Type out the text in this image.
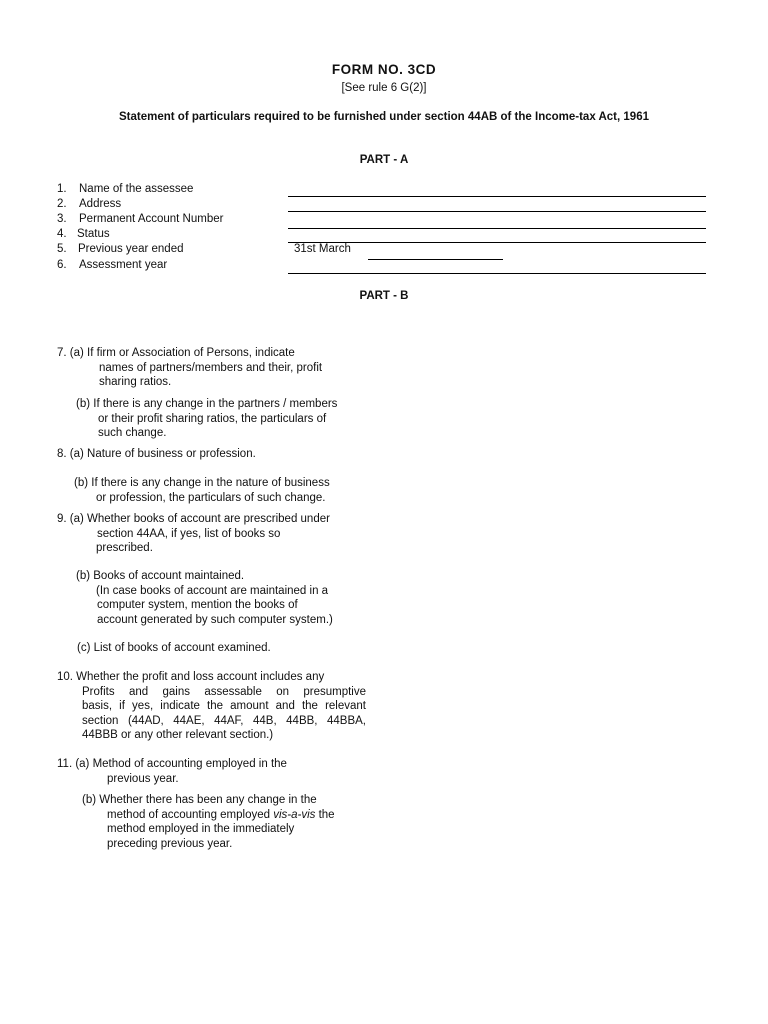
FORM NO. 3CD
[See rule 6 G(2)]
Statement of particulars required to be furnished under section 44AB of the Income-tax Act, 1961
PART - A
1. Name of the assessee
2. Address
3. Permanent Account Number
4. Status
5. Previous year ended	31st March
6. Assessment year
PART - B
7. (a) If firm or Association of Persons, indicate
names of partners/members and their, profit
sharing ratios.
(b) If there is any change in the partners / members
or their profit sharing ratios, the particulars of
such change.
8. (a) Nature of business or profession.
(b) If there is any change in the nature of business
or profession, the particulars of such change.
9. (a) Whether books of account are prescribed under
section 44AA, if yes, list of books so
prescribed.
(b) Books of account maintained.
(In case books of account are maintained in a
computer system, mention the books of
account generated by such computer system.)
(c) List of books of account examined.
10. Whether the profit and loss account includes any
Profits and gains assessable on presumptive
basis, if yes, indicate the amount and the relevant
section (44AD, 44AE, 44AF, 44B, 44BB, 44BBA,
44BBB or any other relevant section.)
11. (a) Method of accounting employed in the
previous year.
(b) Whether there has been any change in the
method of accounting employed vis-a-vis the
method employed in the immediately
preceding previous year.
